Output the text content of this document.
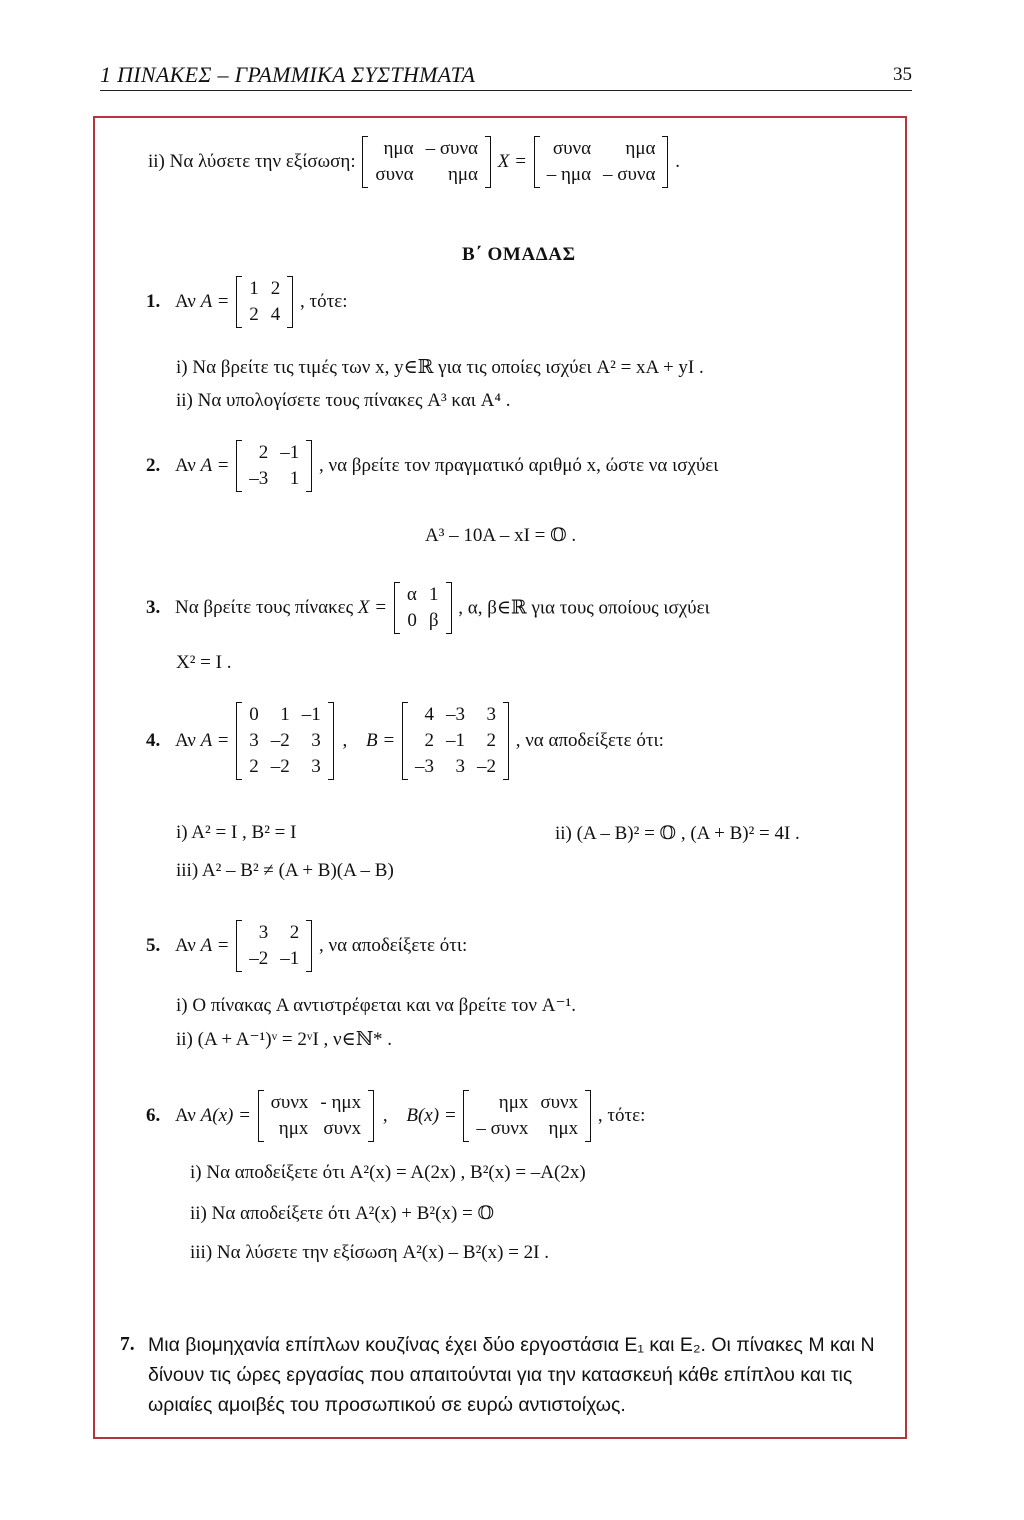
1 ΠΙΝΑΚΕΣ – ΓΡΑΜΜΙΚΑ ΣΥΣΤΗΜΑΤΑ	35
ii) Να λύσετε την εξίσωση:
ημα	– συνα
συνα	ημα
X =
συνα	ημα
– ημα	– συνα
.
Β΄ ΟΜΑΔΑΣ
1. Αν A =
1	2
2	4
, τότε:
i) Να βρείτε τις τιμές των x, y∈ℝ για τις οποίες ισχύει A² = xA + yI .
ii) Να υπολογίσετε τους πίνακες A³ και A⁴ .
2. Αν A =
2	–1
–3	1
, να βρείτε τον πραγματικό αριθμό x, ώστε να ισχύει
A³ – 10A – xI = 𝕆 .
3. Να βρείτε τους πίνακες X =
α	1
0	β
, α, β∈ℝ για τους οποίους ισχύει
X² = I .
4. Αν A =
0	1	–1
3	–2	3
2	–2	3
, B =
4	–3	3
2	–1	2
–3	3	–2
, να αποδείξετε ότι:
i) A² = I , B² = I	ii) (A – B)² = 𝕆 , (A + B)² = 4I .
iii) A² – B² ≠ (A + B)(A – B)
5. Αν A =
3	2
–2	–1
, να αποδείξετε ότι:
i) Ο πίνακας A αντιστρέφεται και να βρείτε τον A⁻¹.
ii) (A + A⁻¹)ᵛ = 2ᵛI , ν∈ℕ* .
6. Αν A(x) =
συνx	- ημx
ημx	συνx
, B(x) =
ημx	συνx
– συνx	ημx
, τότε:
i) Να αποδείξετε ότι A²(x) = A(2x) , B²(x) = –A(2x)
ii) Να αποδείξετε ότι A²(x) + B²(x) = 𝕆
iii) Να λύσετε την εξίσωση A²(x) – B²(x) = 2I .
7. Μια βιομηχανία επίπλων κουζίνας έχει δύο εργοστάσια E₁ και E₂. Οι πίνακες M και N δίνουν τις ώρες εργασίας που απαιτούνται για την κατασκευή κάθε επίπλου και τις ωριαίες αμοιβές του προσωπικού σε ευρώ αντιστοίχως.
